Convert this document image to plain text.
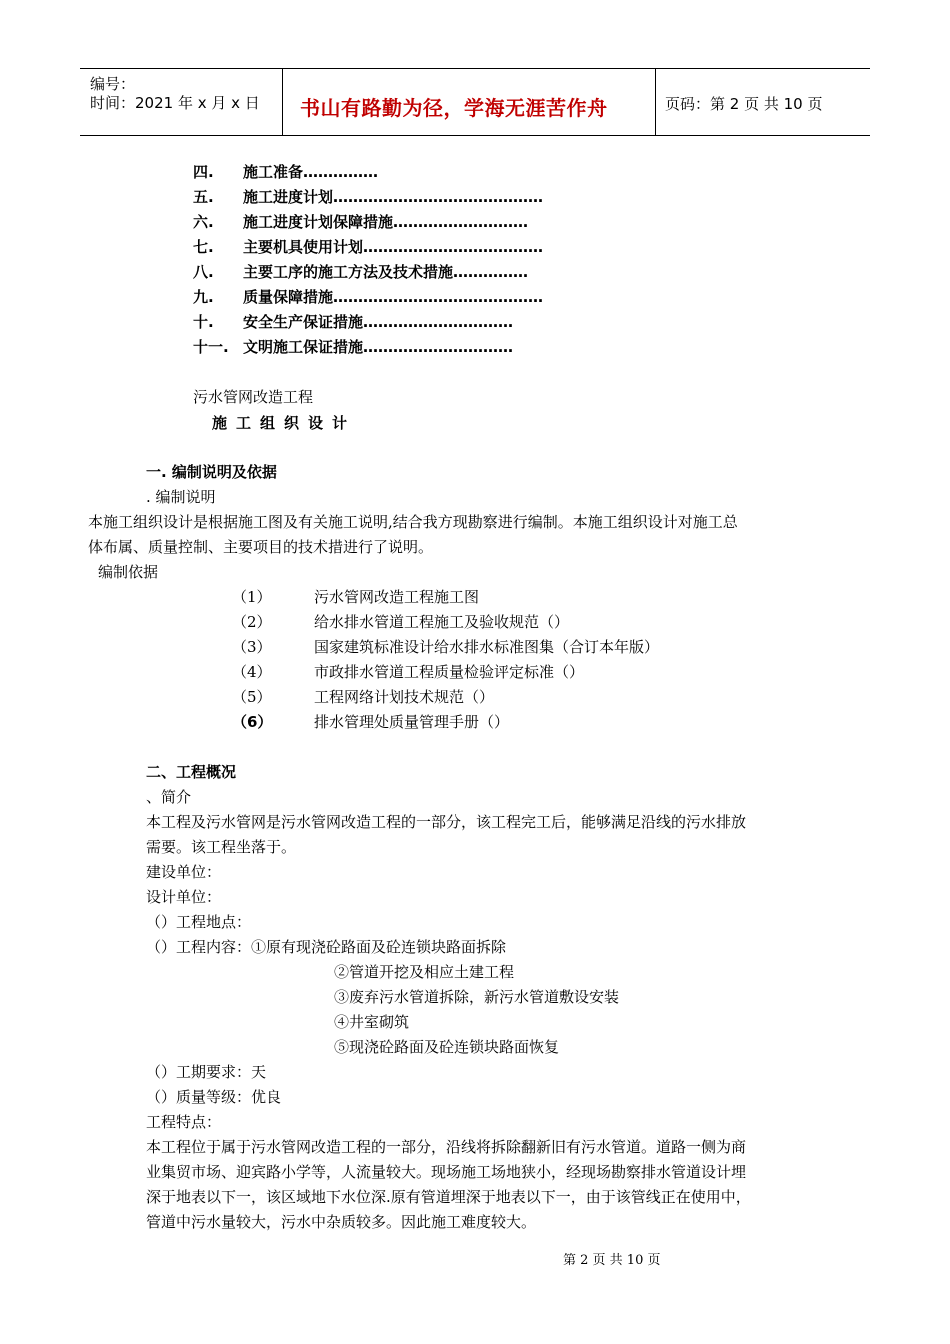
编号：
时间：2021 年 x 月 x 日 书山有路勤为径，学海无涯苦作舟	页码：第 2 页 共 10 页
四. 施工准备……………
五. 施工进度计划……………………………………
六. 施工进度计划保障措施………………………
七. 主要机具使用计划………………………………
八. 主要工序的施工方法及技术措施……………
九. 质量保障措施……………………………………
十. 安全生产保证措施…………………………
十一. 文明施工保证措施…………………………
污水管网改造工程
施工组织设计
一. 编制说明及依据
. 编制说明
本施工组织设计是根据施工图及有关施工说明,结合我方现勘察进行编制。本施工组织设计对施工总
体布属、质量控制、主要项目的技术措进行了说明。
编制依据
（1）	污水管网改造工程施工图
（2）	给水排水管道工程施工及验收规范（）
（3）	国家建筑标准设计给水排水标准图集（合订本年版）
（4）	市政排水管道工程质量检验评定标准（）
（5）	工程网络计划技术规范（）
（6）	排水管理处质量管理手册（）
二、工程概况
、简介
本工程及污水管网是污水管网改造工程的一部分，该工程完工后，能够满足沿线的污水排放
需要。该工程坐落于。
建设单位：
设计单位：
（）工程地点：
（）工程内容：①原有现浇砼路面及砼连锁块路面拆除
②管道开挖及相应土建工程
③废弃污水管道拆除，新污水管道敷设安装
④井室砌筑
⑤现浇砼路面及砼连锁块路面恢复
（）工期要求：天
（）质量等级：优良
工程特点：
本工程位于属于污水管网改造工程的一部分，沿线将拆除翻新旧有污水管道。道路一侧为商
业集贸市场、迎宾路小学等，人流量较大。现场施工场地狭小，经现场勘察排水管道设计埋
深于地表以下一，该区域地下水位深.原有管道埋深于地表以下一，由于该管线正在使用中，
管道中污水量较大，污水中杂质较多。因此施工难度较大。
第 2 页 共 10 页
